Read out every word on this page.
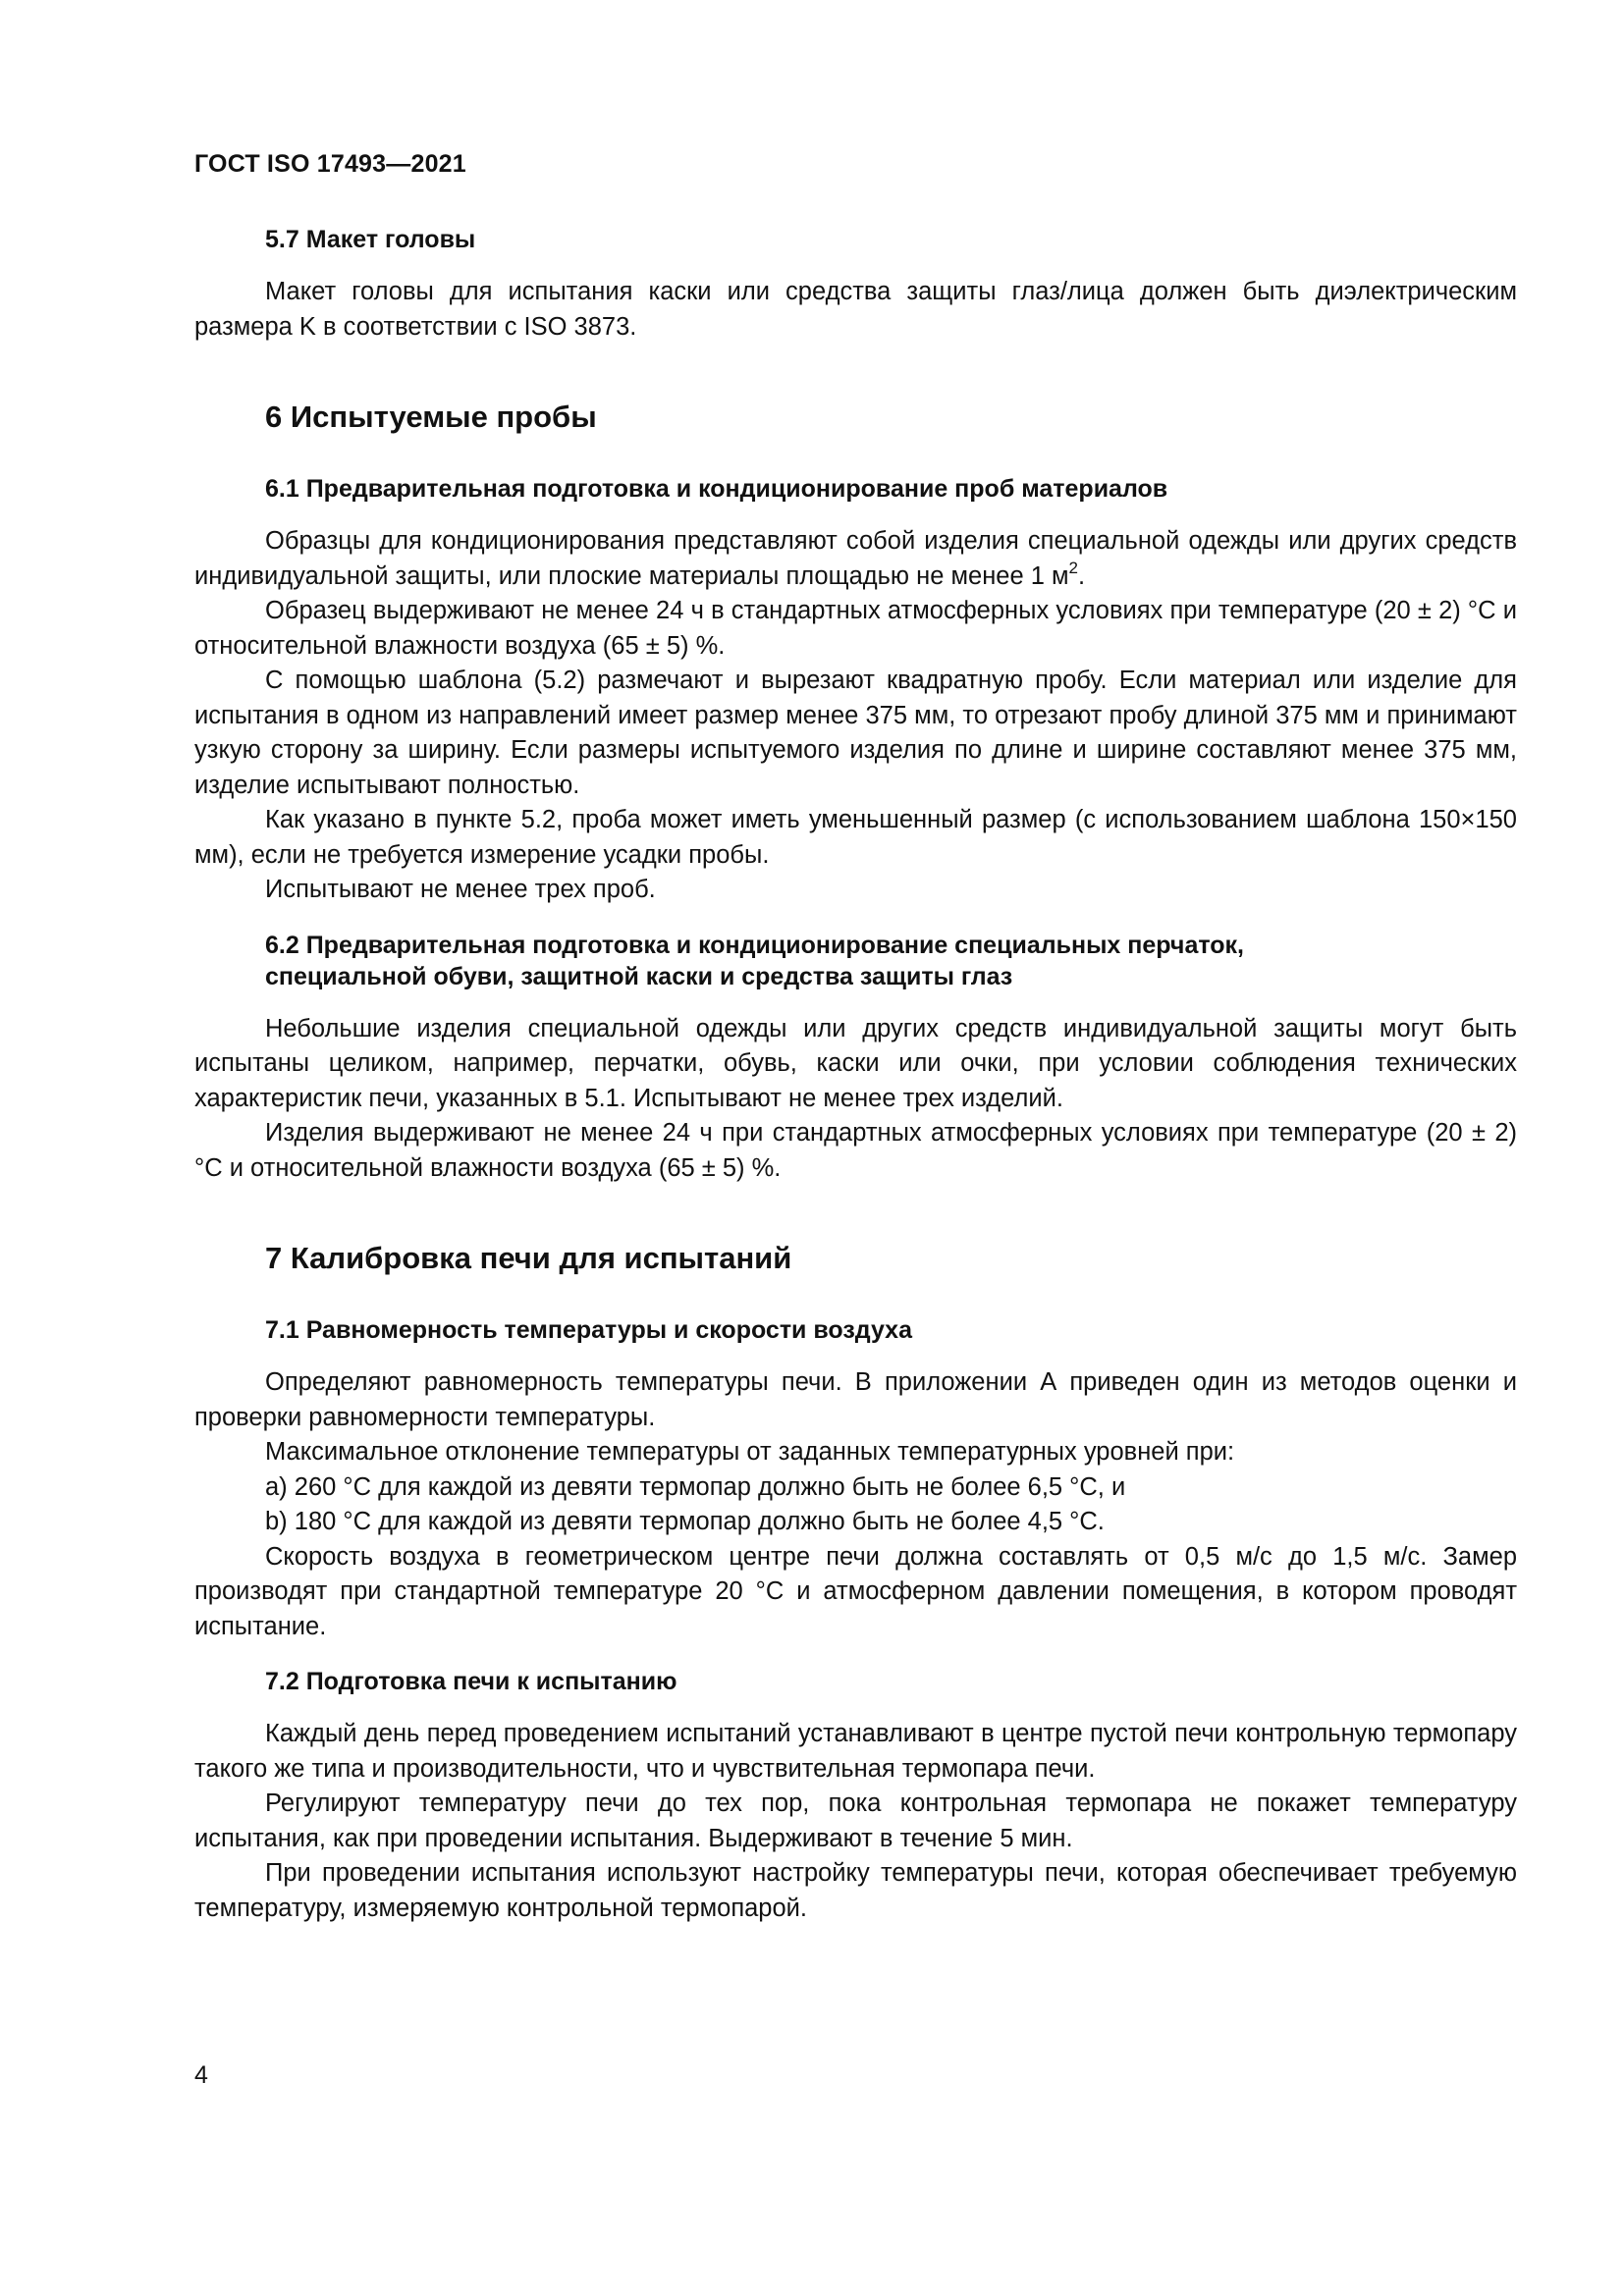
ГОСТ ISO 17493—2021
5.7 Макет головы

Макет головы для испытания каски или средства защиты глаз/лица должен быть диэлектрическим размера K в соответствии с ISO 3873.

6 Испытуемые пробы
6.1 Предварительная подготовка и кондиционирование проб материалов

Образцы для кондиционирования представляют собой изделия специальной одежды или других средств индивидуальной защиты, или плоские материалы площадью не менее 1 $м^2$.

Образец выдерживают не менее 24 ч в стандартных атмосферных условиях при температуре (20 ± 2) °С и относительной влажности воздуха (65 ± 5) %.

С помощью шаблона (5.2) размечают и вырезают квадратную пробу. Если материал или изделие для испытания в одном из направлений имеет размер менее 375 мм, то отрезают пробу длиной 375 мм и принимают узкую сторону за ширину. Если размеры испытуемого изделия по длине и ширине составляют менее 375 мм, изделие испытывают полностью.

Как указано в пункте 5.2, проба может иметь уменьшенный размер (с использованием шаблона 150×150 мм), если не требуется измерение усадки пробы.

Испытывают не менее трех проб.

6.2 Предварительная подготовка и кондиционирование специальных перчаток,
специальной обуви, защитной каски и средства защиты глаз

Небольшие изделия специальной одежды или других средств индивидуальной защиты могут быть испытаны целиком, например, перчатки, обувь, каски или очки, при условии соблюдения технических характеристик печи, указанных в 5.1. Испытывают не менее трех изделий.

Изделия выдерживают не менее 24 ч при стандартных атмосферных условиях при температуре (20 ± 2) °С и относительной влажности воздуха (65 ± 5) %.

7 Калибровка печи для испытаний
7.1 Равномерность температуры и скорости воздуха

Определяют равномерность температуры печи. В приложении А приведен один из методов оценки и проверки равномерности температуры.

Максимальное отклонение температуры от заданных температурных уровней при:

а) 260 °С для каждой из девяти термопар должно быть не более 6,5 °С, и

b) 180 °С для каждой из девяти термопар должно быть не более 4,5 °С.

Скорость воздуха в геометрическом центре печи должна составлять от 0,5 м/с до 1,5 м/с. Замер производят при стандартной температуре 20 °С и атмосферном давлении помещения, в котором проводят испытание.

7.2 Подготовка печи к испытанию

Каждый день перед проведением испытаний устанавливают в центре пустой печи контрольную термопару такого же типа и производительности, что и чувствительная термопара печи.

Регулируют температуру печи до тех пор, пока контрольная термопара не покажет температуру испытания, как при проведении испытания. Выдерживают в течение 5 мин.

При проведении испытания используют настройку температуры печи, которая обеспечивает требуемую температуру, измеряемую контрольной термопарой.

4
